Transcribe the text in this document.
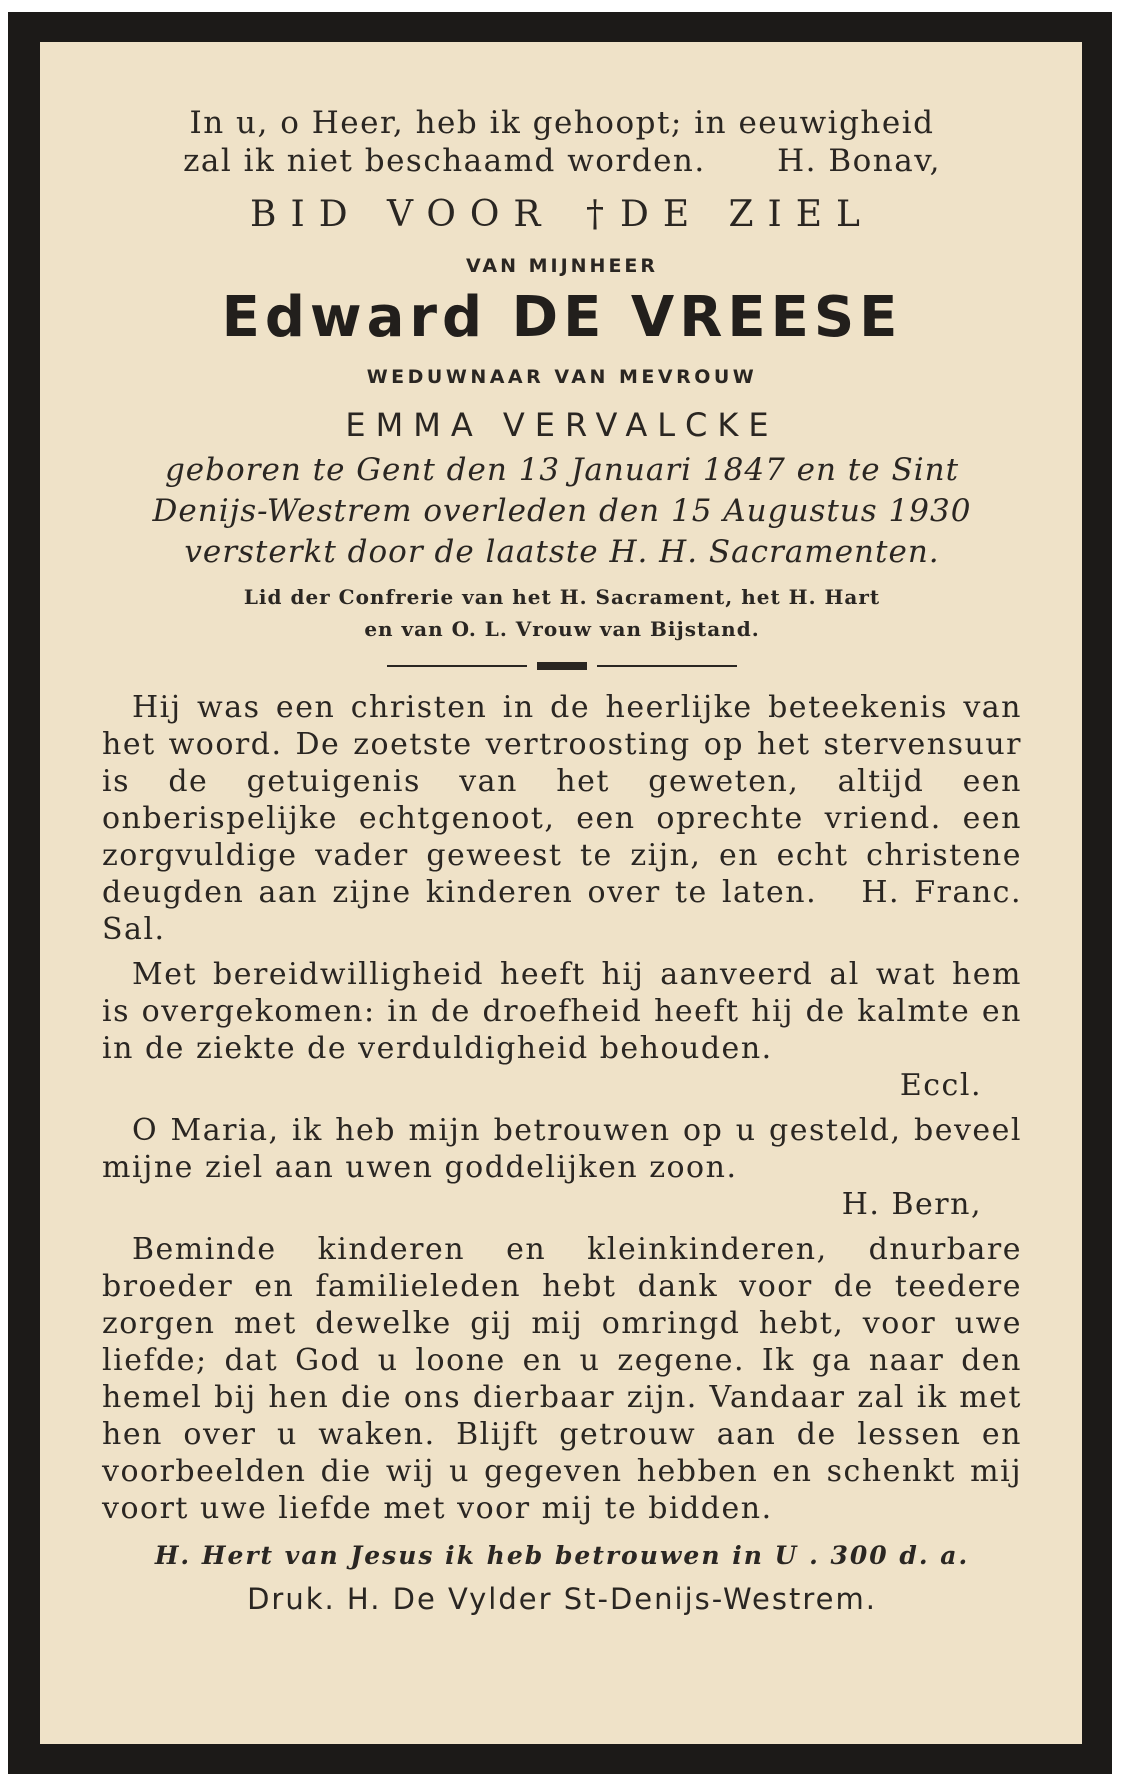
In u, o Heer, heb ik gehoopt; in eeuwigheid
zal ik niet beschaamd worden. H. Bonav,
BID VOOR † DE ZIEL
VAN MIJNHEER
Edward DE VREESE
WEDUWNAAR VAN MEVROUW
EMMA VERVALCKE
geboren te Gent den 13 Januari 1847 en te Sint
Denijs-Westrem overleden den 15 Augustus 1930
versterkt door de laatste H. H. Sacramenten.
Lid der Confrerie van het H. Sacrament, het H. Hart
en van O. L. Vrouw van Bijstand.

Hij was een christen in de heerlijke beteekenis van het woord. De zoetste vertroosting op het stervensuur is de getuigenis van het geweten, altijd een onberispelijke echtgenoot, een oprechte vriend. een zorgvuldige vader geweest te zijn, en echt christene deugden aan zijne kinderen over te laten. H. Franc. Sal.

Met bereidwilligheid heeft hij aanveerd al wat hem is overgekomen: in de droefheid heeft hij de kalmte en in de ziekte de verduldigheid behouden.

Eccl.

O Maria, ik heb mijn betrouwen op u gesteld, beveel mijne ziel aan uwen goddelijken zoon.

H. Bern,

Beminde kinderen en kleinkinderen, dnurbare broeder en familieleden hebt dank voor de teedere zorgen met dewelke gij mij omringd hebt, voor uwe liefde; dat God u loone en u zegene. Ik ga naar den hemel bij hen die ons dierbaar zijn. Vandaar zal ik met hen over u waken. Blijft getrouw aan de lessen en voorbeelden die wij u gegeven hebben en schenkt mij voort uwe liefde met voor mij te bidden.

H. Hert van Jesus ik heb betrouwen in U . 300 d. a.
Druk. H. De Vylder St-Denijs-Westrem.
